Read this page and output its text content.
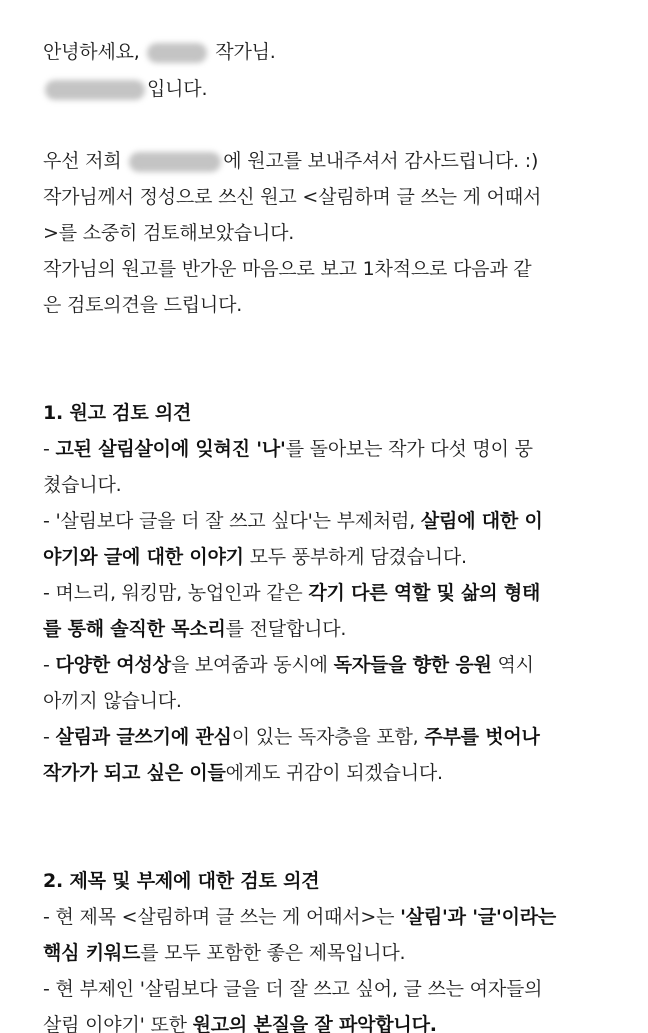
안녕하세요,	작가님.
입니다.
우선 저희	에 원고를 보내주셔서 감사드립니다. :)
작가님께서 정성으로 쓰신 원고 <살림하며 글 쓰는 게 어때서
>를 소중히 검토해보았습니다.
작가님의 원고를 반가운 마음으로 보고 1차적으로 다음과 같
은 검토의견을 드립니다.
1. 원고 검토 의견
- 고된 살림살이에 잊혀진 '나'를 돌아보는 작가 다섯 명이 뭉
쳤습니다.
- '살림보다 글을 더 잘 쓰고 싶다'는 부제처럼, 살림에 대한 이
야기와 글에 대한 이야기 모두 풍부하게 담겼습니다.
- 며느리, 워킹맘, 농업인과 같은 각기 다른 역할 및 삶의 형태
를 통해 솔직한 목소리를 전달합니다.
- 다양한 여성상을 보여줌과 동시에 독자들을 향한 응원 역시
아끼지 않습니다.
- 살림과 글쓰기에 관심이 있는 독자층을 포함, 주부를 벗어나
작가가 되고 싶은 이들에게도 귀감이 되겠습니다.
2. 제목 및 부제에 대한 검토 의견
- 현 제목 <살림하며 글 쓰는 게 어때서>는 '살림'과 '글'이라는
핵심 키워드를 모두 포함한 좋은 제목입니다.
- 현 부제인 '살림보다 글을 더 잘 쓰고 싶어, 글 쓰는 여자들의
살림 이야기' 또한 원고의 본질을 잘 파악합니다.
